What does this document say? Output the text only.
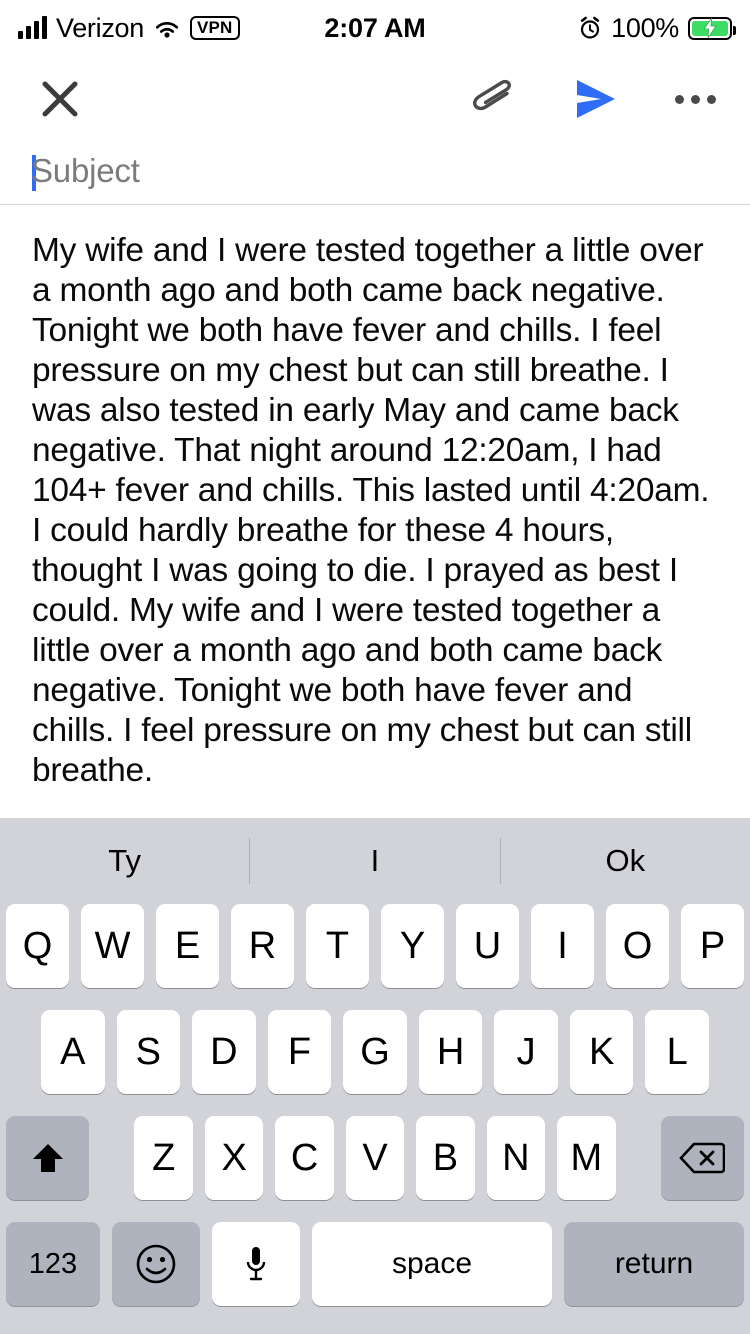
Verizon	VPN	2:07 AM	100%
Subject
My wife and I were tested together a little over a month ago and both came back negative. Tonight we both have fever and chills. I feel pressure on my chest but can still breathe. I was also tested in early May and came back negative. That night around 12:20am, I had 104+ fever and chills. This lasted until 4:20am. I could hardly breathe for these 4 hours, thought I was going to die. I prayed as best I could. My wife and I were tested together a little over a month ago and both came back negative. Tonight we both have fever and chills. I feel pressure on my chest but can still breathe.
Ty	I	Ok
Q	W	E	R	T	Y	U	I	O	P
A	S	D	F	G	H	J	K	L
Z	X	C	V	B	N	M
123	space	return
